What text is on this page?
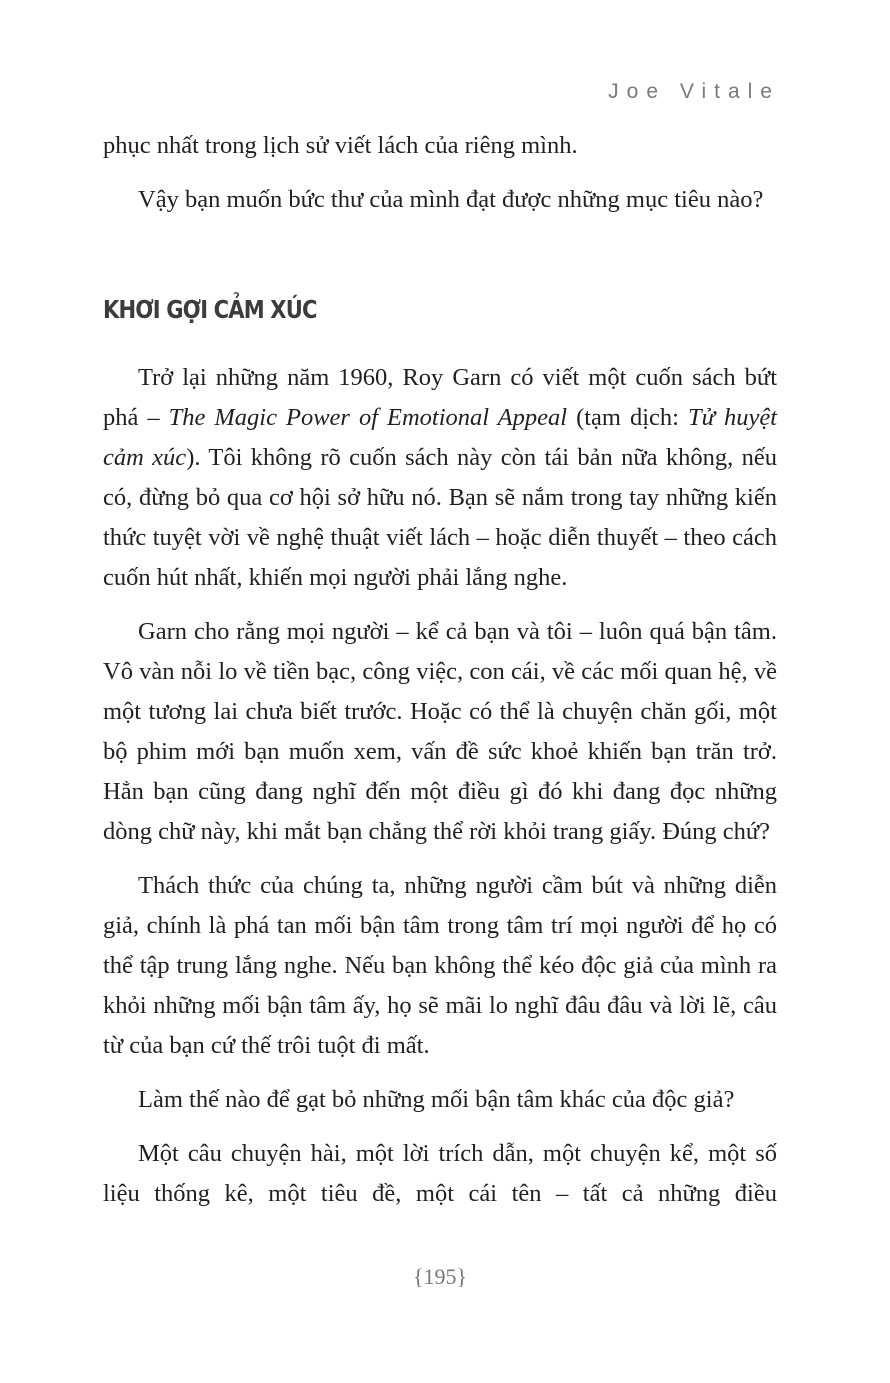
Joe Vitale

phục nhất trong lịch sử viết lách của riêng mình.

Vậy bạn muốn bức thư của mình đạt được những mục tiêu nào?

KHƠI GỢI CẢM XÚC

Trở lại những năm 1960, Roy Garn có viết một cuốn sách bứt phá – The Magic Power of Emotional Appeal (tạm dịch: Tử huyệt cảm xúc). Tôi không rõ cuốn sách này còn tái bản nữa không, nếu có, đừng bỏ qua cơ hội sở hữu nó. Bạn sẽ nắm trong tay những kiến thức tuyệt vời về nghệ thuật viết lách – hoặc diễn thuyết – theo cách cuốn hút nhất, khiến mọi người phải lắng nghe.

Garn cho rằng mọi người – kể cả bạn và tôi – luôn quá bận tâm. Vô vàn nỗi lo về tiền bạc, công việc, con cái, về các mối quan hệ, về một tương lai chưa biết trước. Hoặc có thể là chuyện chăn gối, một bộ phim mới bạn muốn xem, vấn đề sức khoẻ khiến bạn trăn trở. Hẳn bạn cũng đang nghĩ đến một điều gì đó khi đang đọc những dòng chữ này, khi mắt bạn chẳng thể rời khỏi trang giấy. Đúng chứ?

Thách thức của chúng ta, những người cầm bút và những diễn giả, chính là phá tan mối bận tâm trong tâm trí mọi người để họ có thể tập trung lắng nghe. Nếu bạn không thể kéo độc giả của mình ra khỏi những mối bận tâm ấy, họ sẽ mãi lo nghĩ đâu đâu và lời lẽ, câu từ của bạn cứ thế trôi tuột đi mất.

Làm thế nào để gạt bỏ những mối bận tâm khác của độc giả?

Một câu chuyện hài, một lời trích dẫn, một chuyện kể, một số liệu thống kê, một tiêu đề, một cái tên – tất cả những điều

{195}
